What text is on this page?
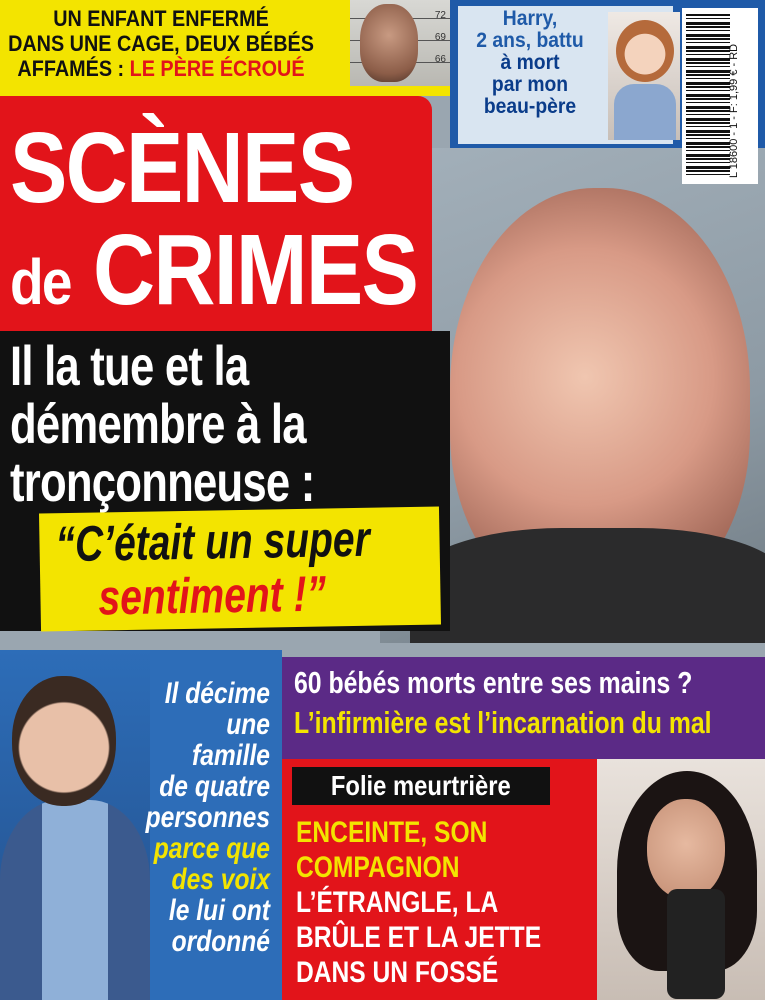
UN ENFANT ENFERMÉ
DANS UNE CAGE, DEUX BÉBÉS
AFFAMÉS : LE PÈRE ÉCROUÉ
72
69
66
Harry,
2 ans, battu
à mort
par mon
beau-père	L 18600 - 1 - F: 1,99 € - RD
SCÈNES
de CRIMES
Il la tue et la
démembre à la
tronçonneuse :
“C’était un super
sentiment !”
Il décime
une
famille
de quatre
personnes
parce que
des voix
le lui ont
ordonné
60 bébés morts entre ses mains ?
L’infirmière est l’incarnation du mal
Folie meurtrière
ENCEINTE, SON
COMPAGNON
L’ÉTRANGLE, LA
BRÛLE ET LA JETTE
DANS UN FOSSÉ
